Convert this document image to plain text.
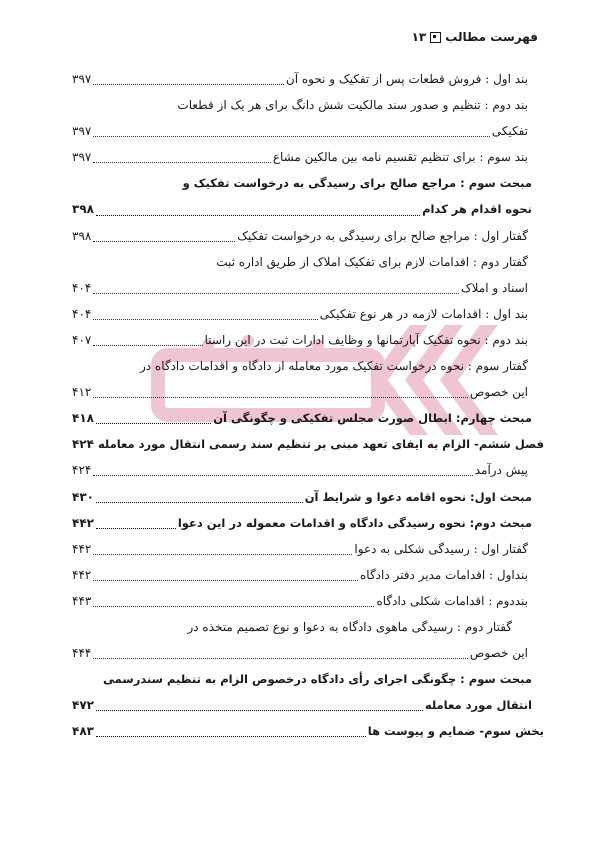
فهرست مطالب
۱۳
بند اول : فروش قطعات پس از تفکیک و نحوه آن
۳۹۷
بند دوم : تنظیم و صدور سند مالکیت شش دانگ برای هر یک از قطعات
تفکیکی
۳۹۷
بند سوم : برای تنظیم تقسیم نامه بین مالکین مشاع
۳۹۷
مبحث سوم : مراجع صالح برای رسیدگی به درخواست تفکیک و
نحوه اقدام هر کدام
۳۹۸
گفتار اول : مراجع صالح برای رسیدگی به درخواست تفکیک
۳۹۸
گفتار دوم : اقدامات لازم برای تفکیک املاک از طریق اداره ثبت
اسناد و املاک
۴۰۴
بند اول : اقدامات لازمه در هر نوع تفکیکی
۴۰۴
بند دوم : نحوه تفکیک آپارتمانها و وظایف ادارات ثبت در این راستا
۴۰۷
گفتار سوم : نحوه درخواست تفکیک مورد معامله از دادگاه و اقدامات دادگاه در
این خصوص
۴۱۲
مبحث چهارم: ابطال صورت مجلس تفکیکی و چگونگی آن
۴۱۸
فصل ششم- الزام به ایفای تعهد مبنی بر تنظیم سند رسمی انتقال مورد معامله
۴۲۴
پیش درآمد
۴۲۴
مبحث اول: نحوه اقامه دعوا و شرایط آن
۴۳۰
مبحث دوم: نحوه رسیدگی دادگاه و اقدامات معموله در این دعوا
۴۴۲
گفتار اول : رسیدگی شکلی به دعوا
۴۴۲
بنداول : اقدامات مدیر دفتر دادگاه
۴۴۲
بنددوم : اقدامات شکلی دادگاه
۴۴۳
گفتار دوم : رسیدگی ماهوی دادگاه به دعوا و نوع تصمیم متخذه در
این خصوص
۴۴۴
مبحث سوم : چگونگی اجرای رأی دادگاه درخصوص الزام به تنظیم سندرسمی
انتقال مورد معامله
۴۷۲
بخش سوم- ضمایم و پیوست ها
۴۸۳
